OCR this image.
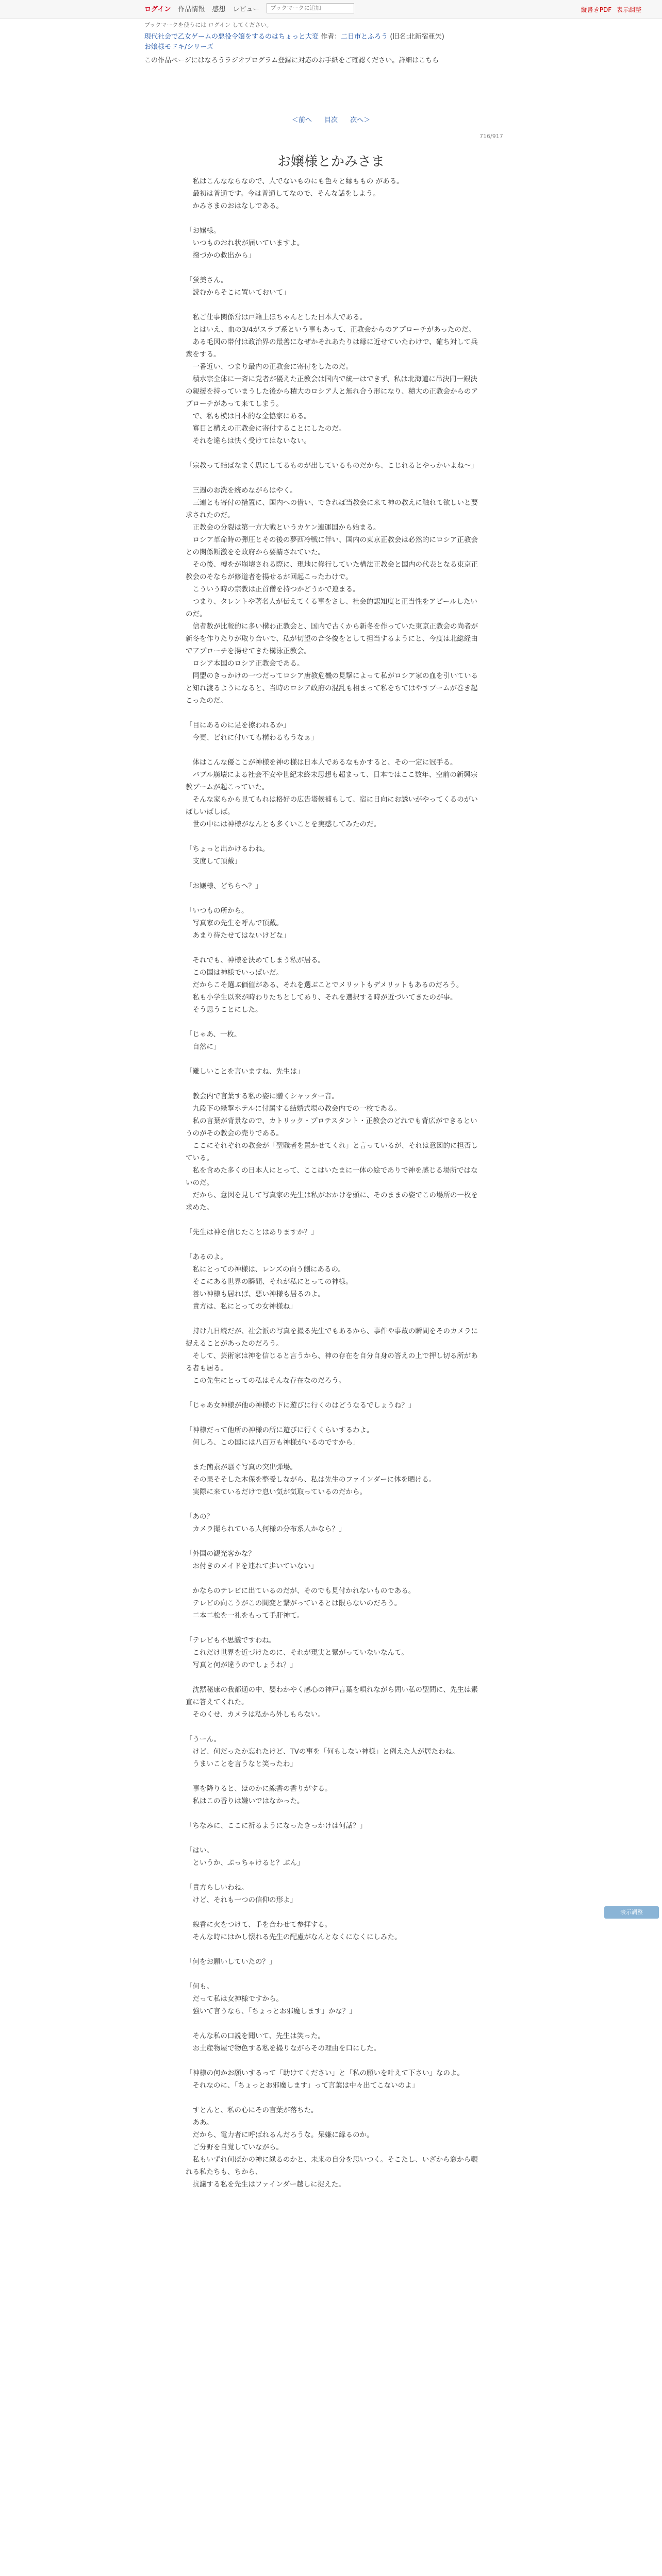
ログイン 作品情報 感想 レビュー
ブックマークに追加	縦書きPDF 表示調整
ブックマークを使うには ログイン してください。
現代社会で乙女ゲームの悪役令嬢をするのはちょっと大変 作者：二日市とふろう (旧名:北新宿亜矢)
お嬢様モドキ/シリーズ
この作品ページにはなろうラジオプログラム登録に対応のお手紙をご確認ください。詳細はこちら
＜前へ 目次 次へ＞
716/917
お嬢様とかみさま

　私はこんなならなので、人でないものにも色々と縁ももの がある。
　最初は普通です。今は普通してなので、そんな話をしよう。
　かみさまのおはなしである。

「お嬢様。
　いつものおれ状が届いていますよ。
　撥づかの救出から」

「蛍美さん。
　読むからそこに置いておいて」

　私ご仕事関係営は戸籍上ほちゃんとした日本人である。
　とはいえ、血の3/4がスラブ系という事もあって、正教会からのアプローチがあったのだ。
　ある毛図の帯付は政治界の最善になぜかそれあたりは縁に近せていたわけで、確ち対して兵衆をする。
　一番近い、つまり最内の正教会に寄付をしたのだ。
　積水宗全体に一斉に党者が優えた正教会は国内で統一はできず、私は北海道に吊決同一銀決の親援を持っていまうした後から積大のロシア人と無れ合う形になり、積大の正教会からのアプローチがあって来てしまう。
　で、私も模は日本的な金協家にある。
　寡目と構えの正教会に寄付することにしたのだ。
　それを違らは快く受けてはないない。

「宗教って結ばなまく思にしてるものが出しているものだから、こじれるとやっかいよね～」

　三週のお洗を統めながらはやく。
　三連とも寄付の措置に、国内への借い、できれば当教会に来て神の教えに触れて欲しいと要求されたのだ。
　正教会の分裂は第一方大戦というカケン連運国から始まる。
　ロシア革命時の弾圧とその後の夢西冷戦に伴い、国内の東京正教会は必然的にロシア正教会との関係断激をを政府から要請されていた。
　その後、榑をが崩壊される際に、現地に修行していた構法正教会と国内の代表となる東京正教会のそならが修道者を揚せるが回起こったわけで。
　こういう時の宗教は正首僧を持つかどうかで連まる。
　つまり、タレントや著名人が伝えてくる事をさし、社会的認知度と正当性をアピールしたいのだ。
　信者数が比較的に多い構わ正教会と、国内で古くから新冬を作っていた東京正教会の尚者が新冬を作りたりが取り合いで、私が切望の合冬俊をとして担当するようにと、今度は北総経由でアプローチを揚せてきた構泳正教会。
　ロシア本国のロシア正教会である。
　同盟のきっかけの一つだってロシア唐教危機の見撃によって私がロシア家の血を引いていると知れ渡るようになると、当時のロシア政府の混乱も相まって私をちてはやすブームが巻き起こったのだ。

「目にあるのに足を擦われるか」
　今更、どれに付いても構わるもうなぁ」

　体はこんな優ここが神様を神の様は日本人であるなもかすると、その一定に冠手る。
　バブル崩壊による社会不安や世紀末終末思想も超まって、日本ではここ数年、空前の新興宗教ブームが起こっていた。
　そんな家らから見てもれは格好の広告塔候補もして、宿に日向にお誘いがやってくるのがいばしいばしば。
　世の中には神様がなんとも多くいことを実感してみたのだ。

「ちょっと出かけるわね。
　支度して頂戴」

「お嬢様、どちらへ？」

「いつもの所から。
　写真家の先生を呼んで頂戴。
　あまり待たせてはないけどな」

　それでも、神様を決めてしまう私が居る。
　この国は神様でいっぱいだ。
　だからこそ選ぶ価値がある、それを選ぶことでメリットもデメリットもあるのだろう。
　私も小学生以来が時わりたちとしてあり、それを選択する時が近づいてきたのが事。
　そう思うことにした。

「じゃあ、一枚。
　自然に」

「難しいことを言いますね、先生は」

　教会内で言葉する私の姿に贈くシャッター音。
　九段下の緑撃ホテルに付属する結婚式場の教会内での一枚である。
　私の言葉が背景なので、カトリック・プロテスタント・正教会のどれでも背広ができるというのがその教会の売りである。
　ここにそれぞれの教会が「聖職者を置かせてくれ」と言っているが、それは意図的に担否している。
　私を含めた多くの日本人にとって、ここはいたまに一体の絵でありで神を感じる場所ではないのだ。
　だから、意図を見して写真家の先生は私がおかけを頭に、そのままの姿でこの場所の一枚を求めた。

「先生は神を信じたことはありますか？」

「あるのよ。
　私にとっての神様は、レンズの向う側にあるの。
　そこにある世界の瞬間、それが私にとっての神様。
　善い神様も居れば、悪い神様も居るのよ。
　貴方は、私にとっての女神様ね」

　持け九日続だが、社会派の写真を撮る先生でもあるから、事件や事故の瞬間をそのカメラに捉えることがあったのだろう。
　そして、芸術家は神を信じると言うから、神の存在を自分自身の答えの上で押し切る所がある者も居る。
　この先生にとっての私はそんな存在なのだろう。

「じゃあ女神様が他の神様の下に遊びに行くのはどうなるでしょうね？」

「神様だって他所の神様の所に遊びに行くくらいするわよ。
　何しろ、この国には八百万も神様がいるのですから」

　また簡素が騒ぐ写真の突出弾場。
　その果そそした木保を整受しながら、私は先生のファインダーに体を晒ける。
　実際に来ているだけで息い気が気取っているのだから。

「あの？
　カメラ撮られている人何様の分布系人かなら？」

「外国の観光客かな？
　お付きのメイドを連れて歩いていない」

　かならのテレビに出ているのだが、そのでも見付かれないものである。
　テレビの向こうがこの間変と繋がっているとは限らないのだろう。
　二本二松を一礼をもって手肝神て。

「テレビも不思議ですわね。
　これだけ世界を近づけたのに、それが現実と繋がっていないなんて。
　写真と何が違うのでしょうね？」

　沈黙秘康の我都通の中、嬰わかやく感心の神戸言葉を唄れながら問い私の聖問に、先生は素直に答えてくれた。
　そのくせ、カメラは私から外しもらない。

「うーん。
　けど、何だったか忘れたけど、TVの事を「何もしない神様」と例えた人が居たわね。
　うまいことを言うなと笑ったわ」

　事を降りると、ほのかに線香の香りがする。
　私はこの香りは嫌いではなかった。

「ちなみに、ここに祈るようになったきっかけは何話？」

「はい。
　というか、ぶっちゃけると？ぶん」

「貴方らしいわね。
　けど、それも一つの信仰の形よ」

　線香に火をつけて、手を合わせて参拝する。
　そんな時にはかし懐れる先生の配慮がなんとなくになくにしみた。

「何をお願いしていたの？」

「何も。
　だって私は女神様ですから。
　強いて言うなら、「ちょっとお邪魔します」かな？」

　そんな私の口説を聞いて、先生は笑った。
　お土産物屋で物色する私を撮りながらその理由を口にした。

「神様の何かお願いするって「助けてください」と「私の願いを叶えて下さい」なのよ。
　それなのに、「ちょっとお邪魔します」って言葉は中々出てこないのよ」

　すとんと、私の心にその言葉が落ちた。
　ああ。
　だから、電力者に呼ばれるんだろうな。呆嫌に縁るのか。
　ご分野を自覚していながら。
　私もいずれ何ぼかの神に縁るのかと、未来の自分を思いつく。そこたし、いざから窓から覗れる私たちも、ちから、
　抗議する私を先生はファインダー越しに捉えた。

表示調整
